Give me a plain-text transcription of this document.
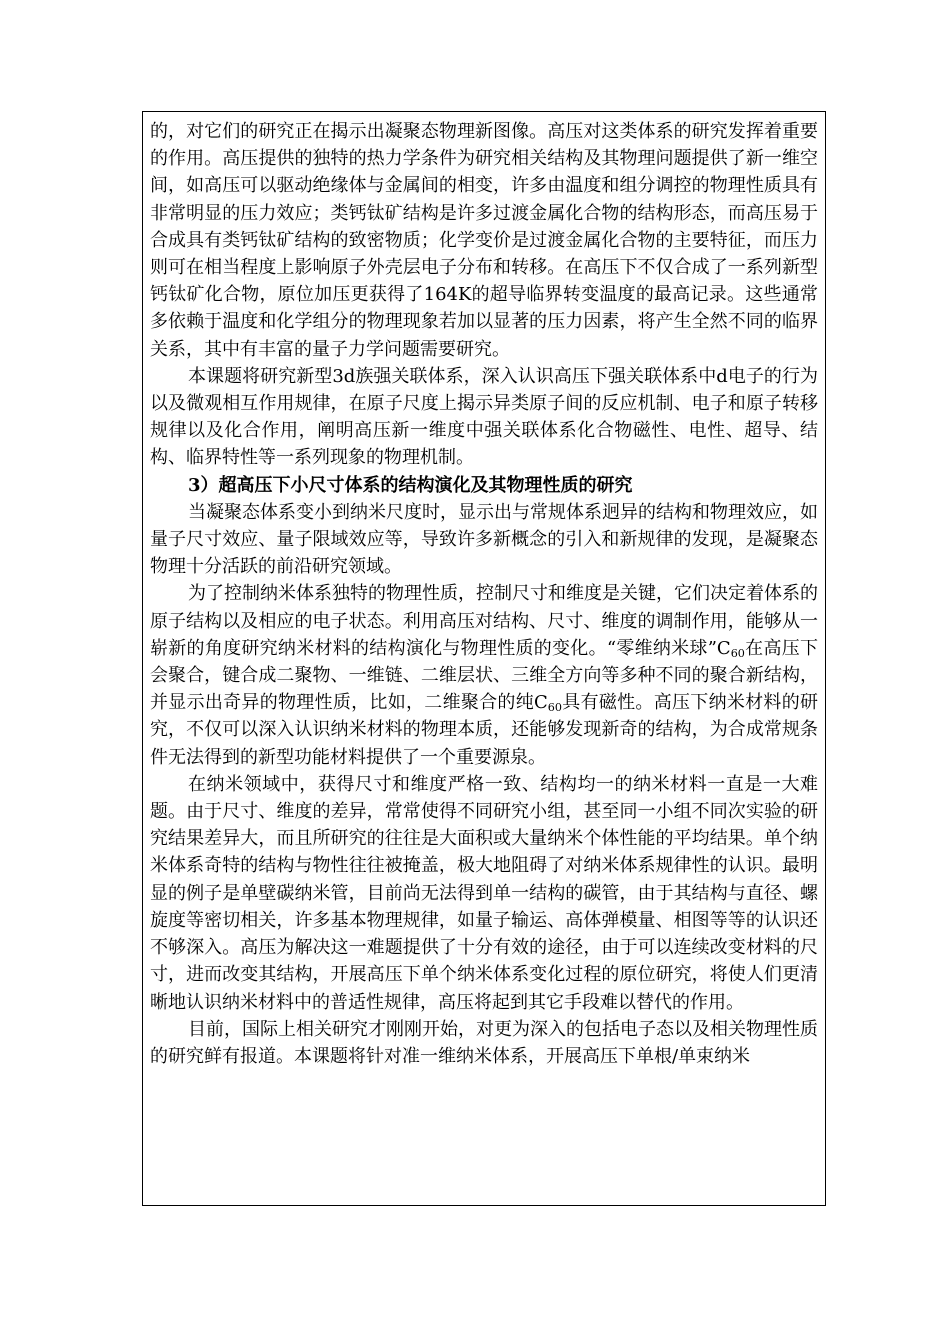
的，对它们的研究正在揭示出凝聚态物理新图像。高压对这类体系的研究发挥着重要的作用。高压提供的独特的热力学条件为研究相关结构及其物理问题提供了新一维空间，如高压可以驱动绝缘体与金属间的相变，许多由温度和组分调控的物理性质具有非常明显的压力效应；类钙钛矿结构是许多过渡金属化合物的结构形态，而高压易于合成具有类钙钛矿结构的致密物质；化学变价是过渡金属化合物的主要特征，而压力则可在相当程度上影响原子外壳层电子分布和转移。在高压下不仅合成了一系列新型钙钛矿化合物，原位加压更获得了164K的超导临界转变温度的最高记录。这些通常多依赖于温度和化学组分的物理现象若加以显著的压力因素，将产生全然不同的临界关系，其中有丰富的量子力学问题需要研究。

本课题将研究新型3d族强关联体系，深入认识高压下强关联体系中d电子的行为以及微观相互作用规律，在原子尺度上揭示异类原子间的反应机制、电子和原子转移规律以及化合作用，阐明高压新一维度中强关联体系化合物磁性、电性、超导、结构、临界特性等一系列现象的物理机制。

3）超高压下小尺寸体系的结构演化及其物理性质的研究

当凝聚态体系变小到纳米尺度时，显示出与常规体系迥异的结构和物理效应，如量子尺寸效应、量子限域效应等，导致许多新概念的引入和新规律的发现，是凝聚态物理十分活跃的前沿研究领域。

为了控制纳米体系独特的物理性质，控制尺寸和维度是关键，它们决定着体系的原子结构以及相应的电子状态。利用高压对结构、尺寸、维度的调制作用，能够从一崭新的角度研究纳米材料的结构演化与物理性质的变化。“零维纳米球$”C_{60}$在高压下会聚合，键合成二聚物、一维链、二维层状、三维全方向等多种不同的聚合新结构，并显示出奇异的物理性质，比如，二维聚合的纯$C_{60}$具有磁性。高压下纳米材料的研究，不仅可以深入认识纳米材料的物理本质，还能够发现新奇的结构，为合成常规条件无法得到的新型功能材料提供了一个重要源泉。

在纳米领域中，获得尺寸和维度严格一致、结构均一的纳米材料一直是一大难题。由于尺寸、维度的差异，常常使得不同研究小组，甚至同一小组不同次实验的研究结果差异大，而且所研究的往往是大面积或大量纳米个体性能的平均结果。单个纳米体系奇特的结构与物性往往被掩盖，极大地阻碍了对纳米体系规律性的认识。最明显的例子是单壁碳纳米管，目前尚无法得到单一结构的碳管，由于其结构与直径、螺旋度等密切相关，许多基本物理规律，如量子输运、高体弹模量、相图等等的认识还不够深入。高压为解决这一难题提供了十分有效的途径，由于可以连续改变材料的尺寸，进而改变其结构，开展高压下单个纳米体系变化过程的原位研究，将使人们更清晰地认识纳米材料中的普适性规律，高压将起到其它手段难以替代的作用。

目前，国际上相关研究才刚刚开始，对更为深入的包括电子态以及相关物理性质的研究鲜有报道。本课题将针对准一维纳米体系，开展高压下单根/单束纳米
